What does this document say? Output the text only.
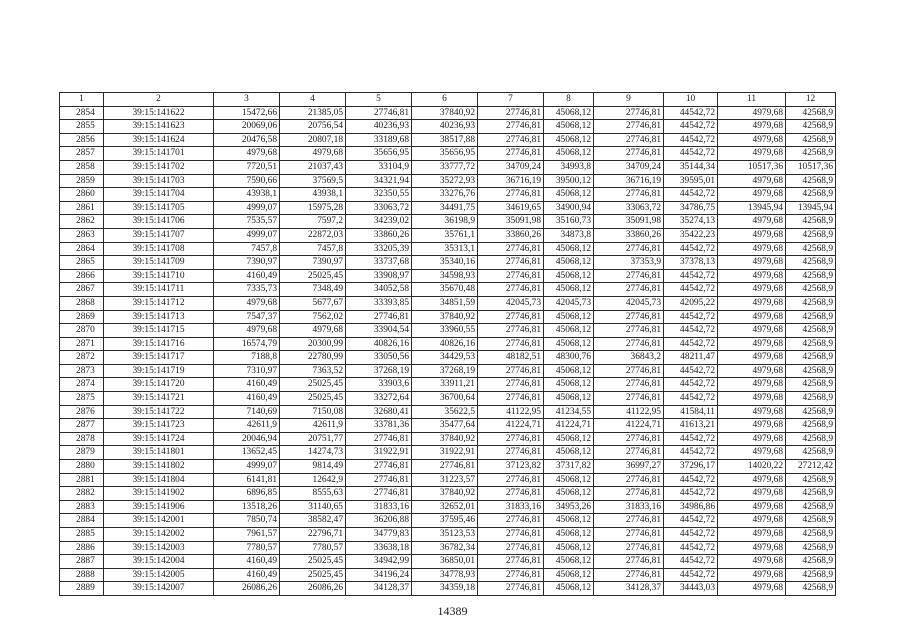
1	2	3	4	5	6	7	8	9	10	11	12
2854	39:15:141622	15472,66	21385,05	27746,81	37840,92	27746,81	45068,12	27746,81	44542,72	4979,68	42568,9
2855	39:15:141623	20069,06	20756,54	40236,93	40236,93	27746,81	45068,12	27746,81	44542,72	4979,68	42568,9
2856	39:15:141624	20476,58	20807,18	33189,68	38517,88	27746,81	45068,12	27746,81	44542,72	4979,68	42568,9
2857	39:15:141701	4979,68	4979,68	35656,95	35656,95	27746,81	45068,12	27746,81	44542,72	4979,68	42568,9
2858	39:15:141702	7720,51	21037,43	33104,9	33777,72	34709,24	34993,8	34709,24	35144,34	10517,36	10517,36
2859	39:15:141703	7590,66	37569,5	34321,94	35272,93	36716,19	39500,12	36716,19	39595,01	4979,68	42568,9
2860	39:15:141704	43938,1	43938,1	32350,55	33276,76	27746,81	45068,12	27746,81	44542,72	4979,68	42568,9
2861	39:15:141705	4999,07	15975,28	33063,72	34491,75	34619,65	34900,94	33063,72	34786,75	13945,94	13945,94
2862	39:15:141706	7535,57	7597,2	34239,02	36198,9	35091,98	35160,73	35091,98	35274,13	4979,68	42568,9
2863	39:15:141707	4999,07	22872,03	33860,26	35761,1	33860,26	34873,8	33860,26	35422,23	4979,68	42568,9
2864	39:15:141708	7457,8	7457,8	33205,39	35313,1	27746,81	45068,12	27746,81	44542,72	4979,68	42568,9
2865	39:15:141709	7390,97	7390,97	33737,68	35340,16	27746,81	45068,12	37353,9	37378,13	4979,68	42568,9
2866	39:15:141710	4160,49	25025,45	33908,97	34598,93	27746,81	45068,12	27746,81	44542,72	4979,68	42568,9
2867	39:15:141711	7335,73	7348,49	34052,58	35670,48	27746,81	45068,12	27746,81	44542,72	4979,68	42568,9
2868	39:15:141712	4979,68	5677,67	33393,85	34851,59	42045,73	42045,73	42045,73	42095,22	4979,68	42568,9
2869	39:15:141713	7547,37	7562,02	27746,81	37840,92	27746,81	45068,12	27746,81	44542,72	4979,68	42568,9
2870	39:15:141715	4979,68	4979,68	33904,54	33960,55	27746,81	45068,12	27746,81	44542,72	4979,68	42568,9
2871	39:15:141716	16574,79	20300,99	40826,16	40826,16	27746,81	45068,12	27746,81	44542,72	4979,68	42568,9
2872	39:15:141717	7188,8	22780,99	33050,56	34429,53	48182,51	48300,76	36843,2	48211,47	4979,68	42568,9
2873	39:15:141719	7310,97	7363,52	37268,19	37268,19	27746,81	45068,12	27746,81	44542,72	4979,68	42568,9
2874	39:15:141720	4160,49	25025,45	33903,6	33911,21	27746,81	45068,12	27746,81	44542,72	4979,68	42568,9
2875	39:15:141721	4160,49	25025,45	33272,64	36700,64	27746,81	45068,12	27746,81	44542,72	4979,68	42568,9
2876	39:15:141722	7140,69	7150,08	32680,41	35622,5	41122,95	41234,55	41122,95	41584,11	4979,68	42568,9
2877	39:15:141723	42611,9	42611,9	33781,36	35477,64	41224,71	41224,71	41224,71	41613,21	4979,68	42568,9
2878	39:15:141724	20046,94	20751,77	27746,81	37840,92	27746,81	45068,12	27746,81	44542,72	4979,68	42568,9
2879	39:15:141801	13652,45	14274,73	31922,91	31922,91	27746,81	45068,12	27746,81	44542,72	4979,68	42568,9
2880	39:15:141802	4999,07	9814,49	27746,81	27746,81	37123,82	37317,82	36997,27	37296,17	14020,22	27212,42
2881	39:15:141804	6141,81	12642,9	27746,81	31223,57	27746,81	45068,12	27746,81	44542,72	4979,68	42568,9
2882	39:15:141902	6896,85	8555,63	27746,81	37840,92	27746,81	45068,12	27746,81	44542,72	4979,68	42568,9
2883	39:15:141906	13518,26	31140,65	31833,16	32652,01	31833,16	34953,26	31833,16	34986,86	4979,68	42568,9
2884	39:15:142001	7850,74	38582,47	36206,88	37595,46	27746,81	45068,12	27746,81	44542,72	4979,68	42568,9
2885	39:15:142002	7961,57	22796,71	34779,83	35123,53	27746,81	45068,12	27746,81	44542,72	4979,68	42568,9
2886	39:15:142003	7780,57	7780,57	33638,18	36782,34	27746,81	45068,12	27746,81	44542,72	4979,68	42568,9
2887	39:15:142004	4160,49	25025,45	34942,99	36850,01	27746,81	45068,12	27746,81	44542,72	4979,68	42568,9
2888	39:15:142005	4160,49	25025,45	34196,24	34778,93	27746,81	45068,12	27746,81	44542,72	4979,68	42568,9
2889	39:15:142007	26086,26	26086,26	34128,37	34359,18	27746,81	45068,12	34128,37	34443,03	4979,68	42568,9
14389
